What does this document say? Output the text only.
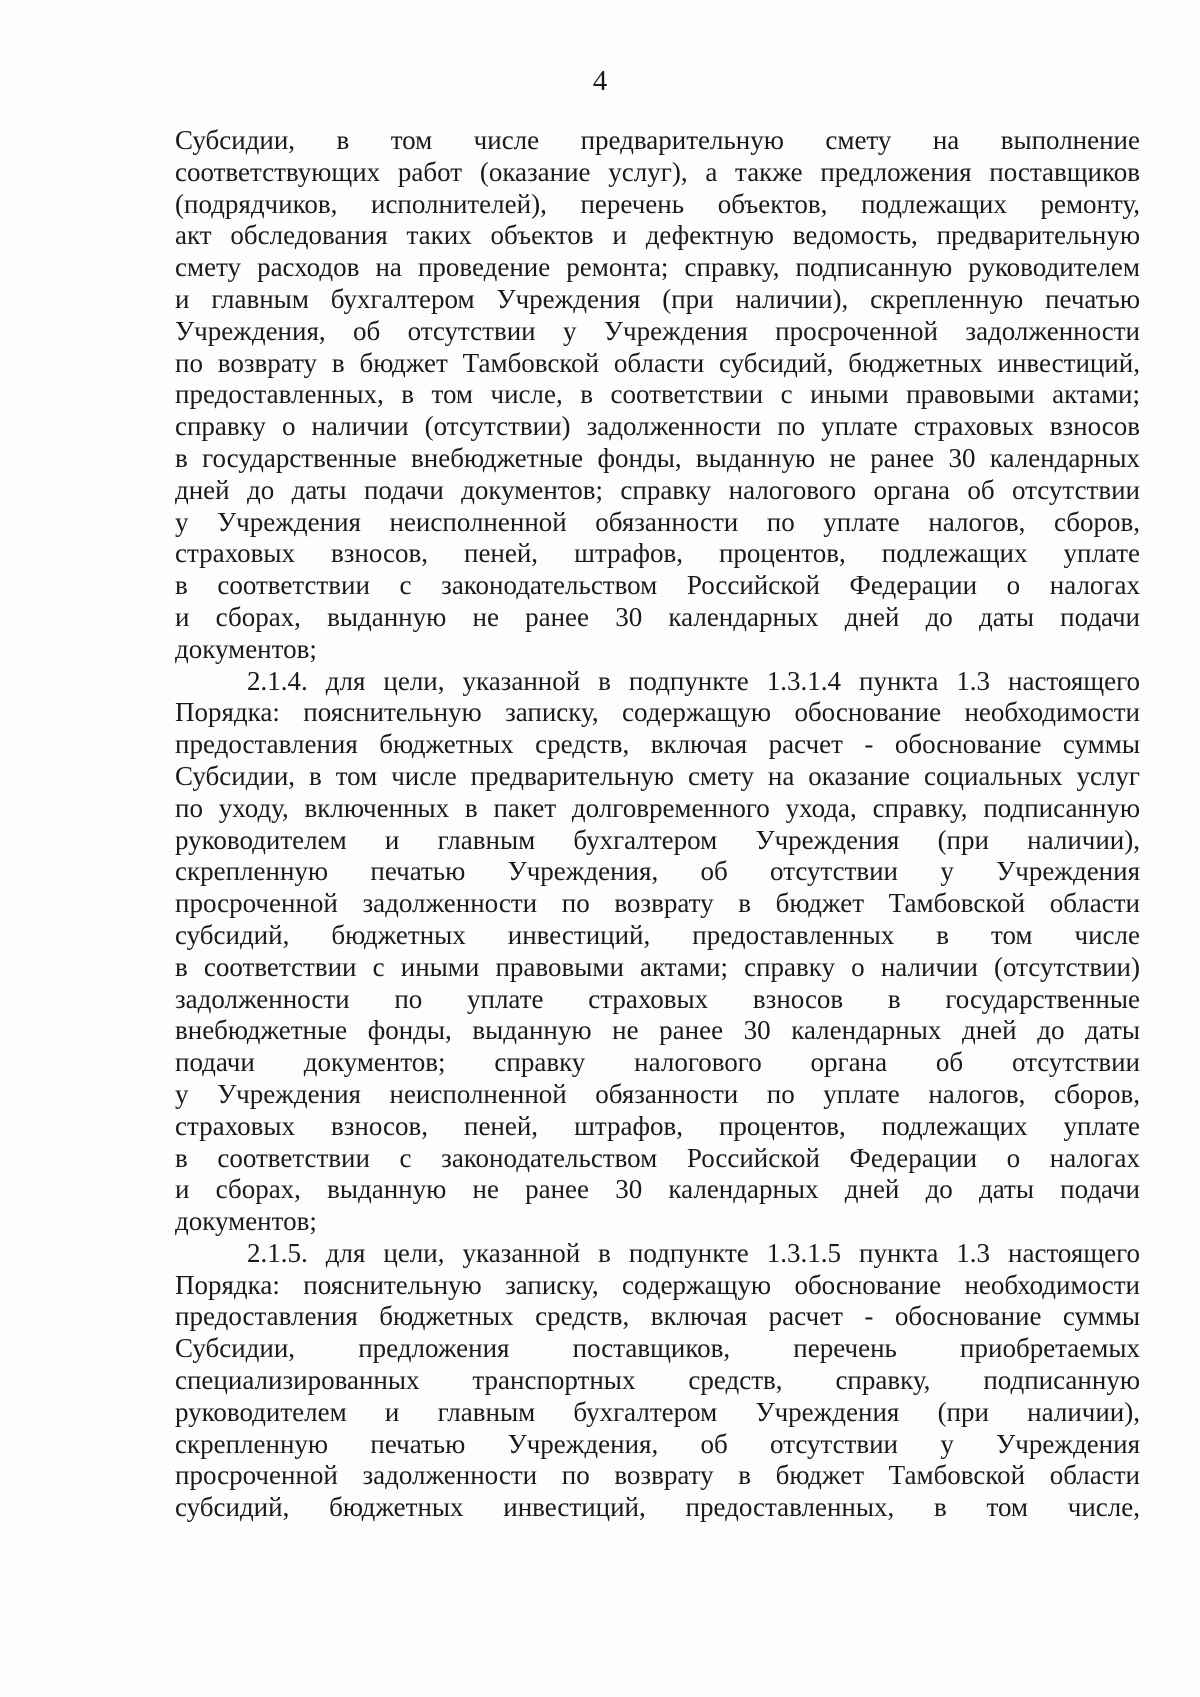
4
Субсидии, в том числе предварительную смету на выполнение
соответствующих работ (оказание услуг), а также предложения поставщиков
(подрядчиков, исполнителей), перечень объектов, подлежащих ремонту,
акт обследования таких объектов и дефектную ведомость, предварительную
смету расходов на проведение ремонта; справку, подписанную руководителем
и главным бухгалтером Учреждения (при наличии), скрепленную печатью
Учреждения, об отсутствии у Учреждения просроченной задолженности
по возврату в бюджет Тамбовской области субсидий, бюджетных инвестиций,
предоставленных, в том числе, в соответствии с иными правовыми актами;
справку о наличии (отсутствии) задолженности по уплате страховых взносов
в государственные внебюджетные фонды, выданную не ранее 30 календарных
дней до даты подачи документов; справку налогового органа об отсутствии
у Учреждения неисполненной обязанности по уплате налогов, сборов,
страховых взносов, пеней, штрафов, процентов, подлежащих уплате
в соответствии с законодательством Российской Федерации о налогах
и сборах, выданную не ранее 30 календарных дней до даты подачи
документов;
2.1.4. для цели, указанной в подпункте 1.3.1.4 пункта 1.3 настоящего
Порядка: пояснительную записку, содержащую обоснование необходимости
предоставления бюджетных средств, включая расчет - обоснование суммы
Субсидии, в том числе предварительную смету на оказание социальных услуг
по уходу, включенных в пакет долговременного ухода, справку, подписанную
руководителем и главным бухгалтером Учреждения (при наличии),
скрепленную печатью Учреждения, об отсутствии у Учреждения
просроченной задолженности по возврату в бюджет Тамбовской области
субсидий, бюджетных инвестиций, предоставленных в том числе
в соответствии с иными правовыми актами; справку о наличии (отсутствии)
задолженности по уплате страховых взносов в государственные
внебюджетные фонды, выданную не ранее 30 календарных дней до даты
подачи документов; справку налогового органа об отсутствии
у Учреждения неисполненной обязанности по уплате налогов, сборов,
страховых взносов, пеней, штрафов, процентов, подлежащих уплате
в соответствии с законодательством Российской Федерации о налогах
и сборах, выданную не ранее 30 календарных дней до даты подачи
документов;
2.1.5. для цели, указанной в подпункте 1.3.1.5 пункта 1.3 настоящего
Порядка: пояснительную записку, содержащую обоснование необходимости
предоставления бюджетных средств, включая расчет - обоснование суммы
Субсидии, предложения поставщиков, перечень приобретаемых
специализированных транспортных средств, справку, подписанную
руководителем и главным бухгалтером Учреждения (при наличии),
скрепленную печатью Учреждения, об отсутствии у Учреждения
просроченной задолженности по возврату в бюджет Тамбовской области
субсидий, бюджетных инвестиций, предоставленных, в том числе,
